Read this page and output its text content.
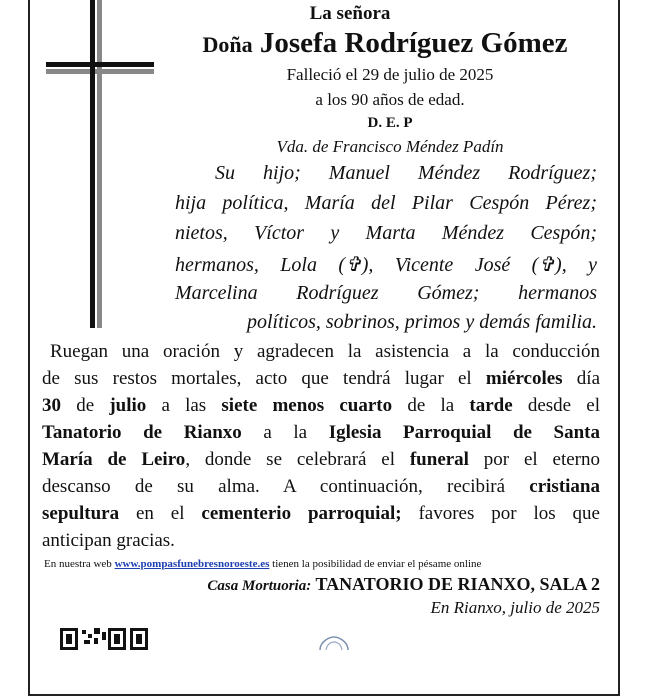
La señora
Doña Josefa Rodríguez Gómez
Falleció el 29 de julio de 2025
a los 90 años de edad.
D. E. P
Vda. de Francisco Méndez Padín
Su hijo; Manuel Méndez Rodríguez;
hija política, María del Pilar Cespón Pérez;
nietos, Víctor y Marta Méndez Cespón;
hermanos, Lola (✞), Vicente José (✞), y
Marcelina Rodríguez Gómez; hermanos
políticos, sobrinos, primos y demás familia.
Ruegan una oración y agradecen la asistencia a la conducción
de sus restos mortales, acto que tendrá lugar el miércoles día
30 de julio a las siete menos cuarto de la tarde desde el
Tanatorio de Rianxo a la Iglesia Parroquial de Santa
María de Leiro, donde se celebrará el funeral por el eterno
descanso de su alma. A continuación, recibirá cristiana
sepultura en el cementerio parroquial; favores por los que
anticipan gracias.
En nuestra web www.pompasfunebresnoroeste.es tienen la posibilidad de enviar el pésame online
Casa Mortuoria: TANATORIO DE RIANXO, SALA 2
En Rianxo, julio de 2025
